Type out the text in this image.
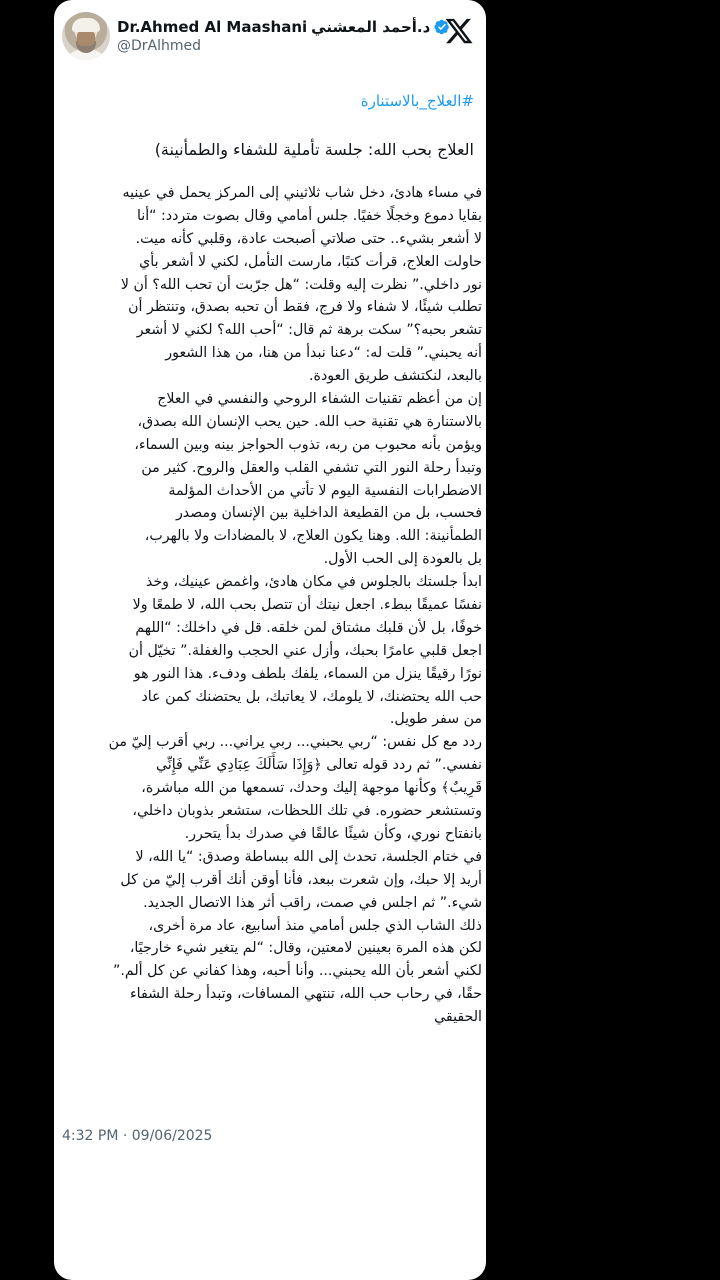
Dr.Ahmed Al Maashani د.أحمد المعشني
@DrAlhmed
#العلاج_بالاستنارة
العلاج بحب الله: جلسة تأملية للشفاء والطمأنينة)
في مساء هادئ، دخل شاب ثلاثيني إلى المركز يحمل في عينيه
بقايا دموع وخجلًا خفيًا. جلس أمامي وقال بصوت متردد: “أنا
لا أشعر بشيء.. حتى صلاتي أصبحت عادة، وقلبي كأنه ميت.
حاولت العلاج، قرأت كتبًا، مارست التأمل، لكني لا أشعر بأي
نور داخلي.” نظرت إليه وقلت: “هل جرّبت أن تحب الله؟ أن لا
تطلب شيئًا، لا شفاء ولا فرج، فقط أن تحبه بصدق، وتنتظر أن
تشعر بحبه؟” سكت برهة ثم قال: “أحب الله؟ لكني لا أشعر
أنه يحبني.” قلت له: “دعنا نبدأ من هنا، من هذا الشعور
بالبعد، لنكتشف طريق العودة.
إن من أعظم تقنيات الشفاء الروحي والنفسي في العلاج
بالاستنارة هي تقنية حب الله. حين يحب الإنسان الله بصدق،
ويؤمن بأنه محبوب من ربه، تذوب الحواجز بينه وبين السماء،
وتبدأ رحلة النور التي تشفي القلب والعقل والروح. كثير من
الاضطرابات النفسية اليوم لا تأتي من الأحداث المؤلمة
فحسب، بل من القطيعة الداخلية بين الإنسان ومصدر
الطمأنينة: الله. وهنا يكون العلاج، لا بالمضادات ولا بالهرب،
بل بالعودة إلى الحب الأول.
ابدأ جلستك بالجلوس في مكان هادئ، واغمض عينيك، وخذ
نفسًا عميقًا ببطء. اجعل نيتك أن تتصل بحب الله، لا طمعًا ولا
خوفًا، بل لأن قلبك مشتاق لمن خلقه. قل في داخلك: “اللهم
اجعل قلبي عامرًا بحبك، وأزل عني الحجب والغفلة.” تخيّل أن
نورًا رقيقًا ينزل من السماء، يلفك بلطف ودفء. هذا النور هو
حب الله يحتضنك، لا يلومك، لا يعاتبك، بل يحتضنك كمن عاد
من سفر طويل.
ردد مع كل نفس: “ربي يحبني... ربي يراني... ربي أقرب إليّ من
نفسي.” ثم ردد قوله تعالى ﴿وَإِذَا سَأَلَكَ عِبَادِي عَنِّي فَإِنِّي
قَرِيبٌ﴾ وكأنها موجهة إليك وحدك، تسمعها من الله مباشرة،
وتستشعر حضوره. في تلك اللحظات، ستشعر بذوبان داخلي،
بانفتاح نوري، وكأن شيئًا عالقًا في صدرك بدأ يتحرر.
في ختام الجلسة، تحدث إلى الله ببساطة وصدق: “يا الله، لا
أريد إلا حبك، وإن شعرت ببعد، فأنا أوقن أنك أقرب إليّ من كل
شيء.” ثم اجلس في صمت، راقب أثر هذا الاتصال الجديد.
ذلك الشاب الذي جلس أمامي منذ أسابيع، عاد مرة أخرى،
لكن هذه المرة بعينين لامعتين، وقال: “لم يتغير شيء خارجيًا،
لكني أشعر بأن الله يحبني... وأنا أحبه، وهذا كفاني عن كل ألم.”
حقًا، في رحاب حب الله، تنتهي المسافات، وتبدأ رحلة الشفاء
الحقيقي
4:32 PM · 09/06/2025
